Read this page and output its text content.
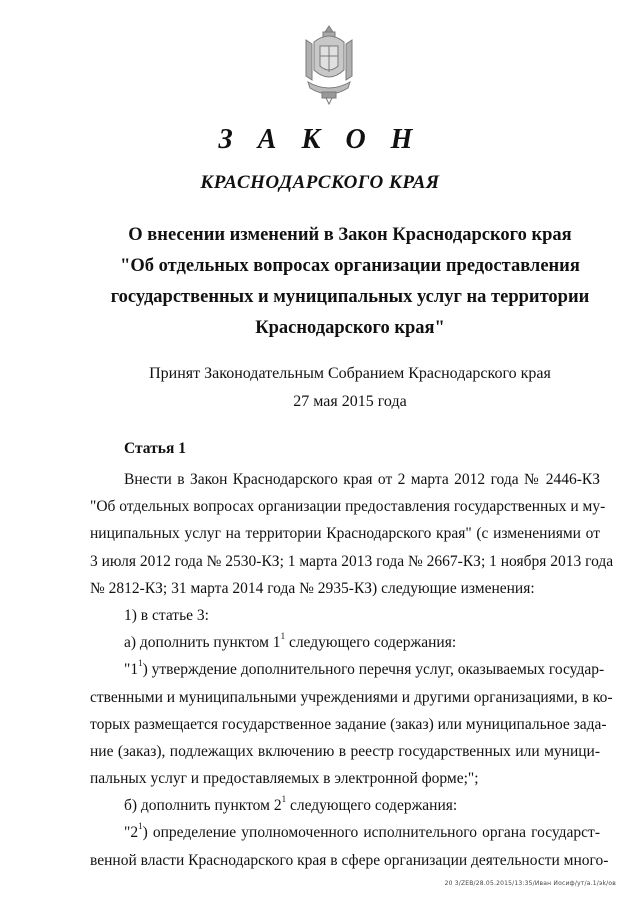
З А К О Н
КРАСНОДАРСКОГО КРАЯ
О внесении изменений в Закон Краснодарского края
"Об отдельных вопросах организации предоставления
государственных и муниципальных услуг на территории
Краснодарского края"
Принят Законодательным Собранием Краснодарского края
27 мая 2015 года
Статья 1
Внести в Закон Краснодарского края от 2 марта 2012 года № 2446-КЗ
"Об отдельных вопросах организации предоставления государственных и му-
ниципальных услуг на территории Краснодарского края" (с изменениями от
3 июля 2012 года № 2530-КЗ; 1 марта 2013 года № 2667-КЗ; 1 ноября 2013 года
№ 2812-КЗ; 31 марта 2014 года № 2935-КЗ) следующие изменения:
1) в статье 3:
а) дополнить пунктом $1^1$ следующего содержания:
"$1^1$) утверждение дополнительного перечня услуг, оказываемых государ-
ственными и муниципальными учреждениями и другими организациями, в ко-
торых размещается государственное задание (заказ) или муниципальное зада-
ние (заказ), подлежащих включению в реестр государственных или муници-
пальных услуг и предоставляемых в электронной форме;";
б) дополнить пунктом $2^1$ следующего содержания:
"$2^1$) определение уполномоченного исполнительного органа государст-
венной власти Краснодарского края в сфере организации деятельности много-
20 3/ZЕВ/28.05.2015/13:35/Иван Иосиф/yт/а.1/эk/ов
